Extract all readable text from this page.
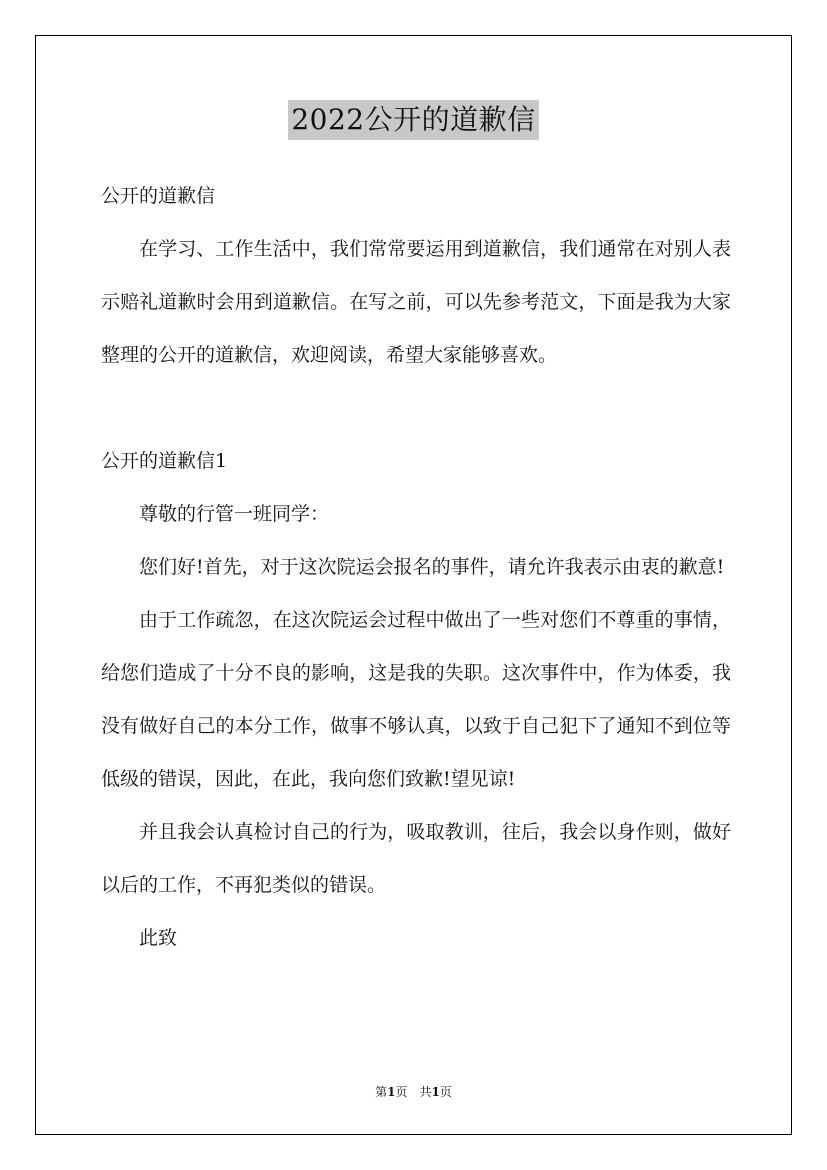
2022公开的道歉信

公开的道歉信

在学习、工作生活中，我们常常要运用到道歉信，我们通常在对别人表示赔礼道歉时会用到道歉信。在写之前，可以先参考范文，下面是我为大家整理的公开的道歉信，欢迎阅读，希望大家能够喜欢。

公开的道歉信1

尊敬的行管一班同学：

您们好!首先，对于这次院运会报名的事件，请允许我表示由衷的歉意!

由于工作疏忽，在这次院运会过程中做出了一些对您们不尊重的事情，给您们造成了十分不良的影响，这是我的失职。这次事件中，作为体委，我没有做好自己的本分工作，做事不够认真，以致于自己犯下了通知不到位等低级的错误，因此，在此，我向您们致歉!望见谅!

并且我会认真检讨自己的行为，吸取教训，往后，我会以身作则，做好以后的工作，不再犯类似的错误。

此致

第1页　共1页
